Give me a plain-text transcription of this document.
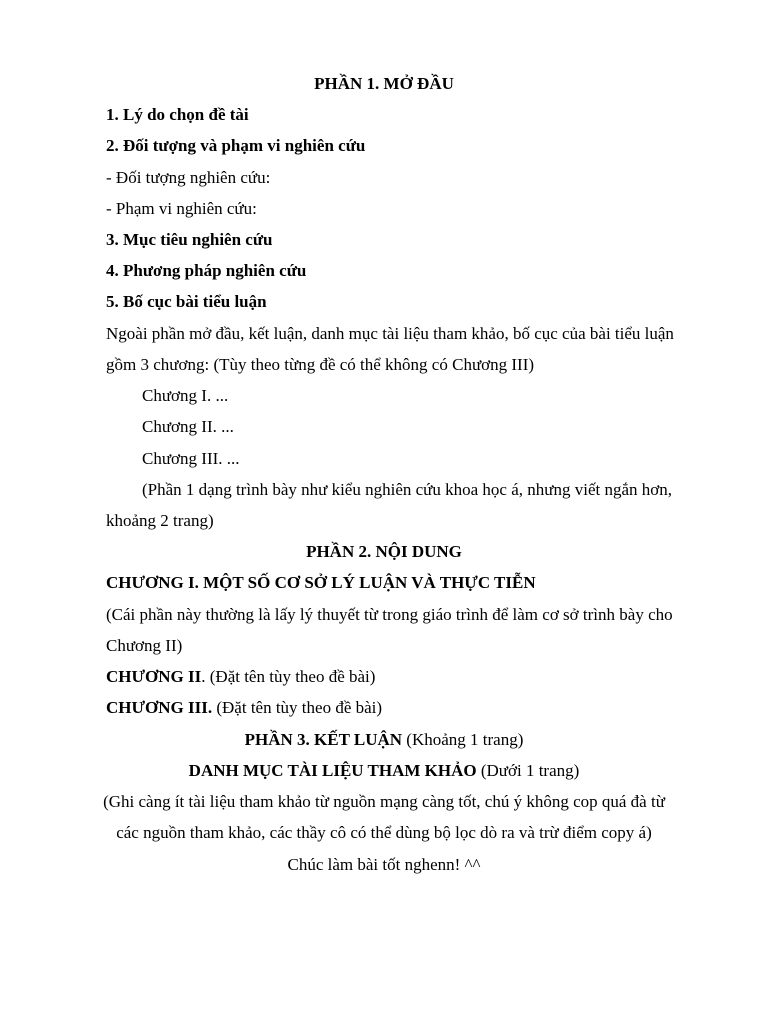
PHẦN 1. MỞ ĐẦU
1. Lý do chọn đề tài
2. Đối tượng và phạm vi nghiên cứu
- Đối tượng nghiên cứu:
- Phạm vi nghiên cứu:
3. Mục tiêu nghiên cứu
4. Phương pháp nghiên cứu
5. Bố cục bài tiểu luận
Ngoài phần mở đầu, kết luận, danh mục tài liệu tham khảo, bố cục của bài tiểu luận
gồm 3 chương: (Tùy theo từng đề có thể không có Chương III)
Chương I. ...
Chương II. ...
Chương III. ...
(Phần 1 dạng trình bày như kiểu nghiên cứu khoa học á, nhưng viết ngắn hơn,
khoảng 2 trang)
PHẦN 2. NỘI DUNG
CHƯƠNG I. MỘT SỐ CƠ SỞ LÝ LUẬN VÀ THỰC TIỄN
(Cái phần này thường là lấy lý thuyết từ trong giáo trình để làm cơ sở trình bày cho
Chương II)
CHƯƠNG II. (Đặt tên tùy theo đề bài)
CHƯƠNG III. (Đặt tên tùy theo đề bài)
PHẦN 3. KẾT LUẬN (Khoảng 1 trang)
DANH MỤC TÀI LIỆU THAM KHẢO (Dưới 1 trang)
(Ghi càng ít tài liệu tham khảo từ nguồn mạng càng tốt, chú ý không cop quá đà từ
các nguồn tham khảo, các thầy cô có thể dùng bộ lọc dò ra và trừ điểm copy á)
Chúc làm bài tốt nghenn! ^^
